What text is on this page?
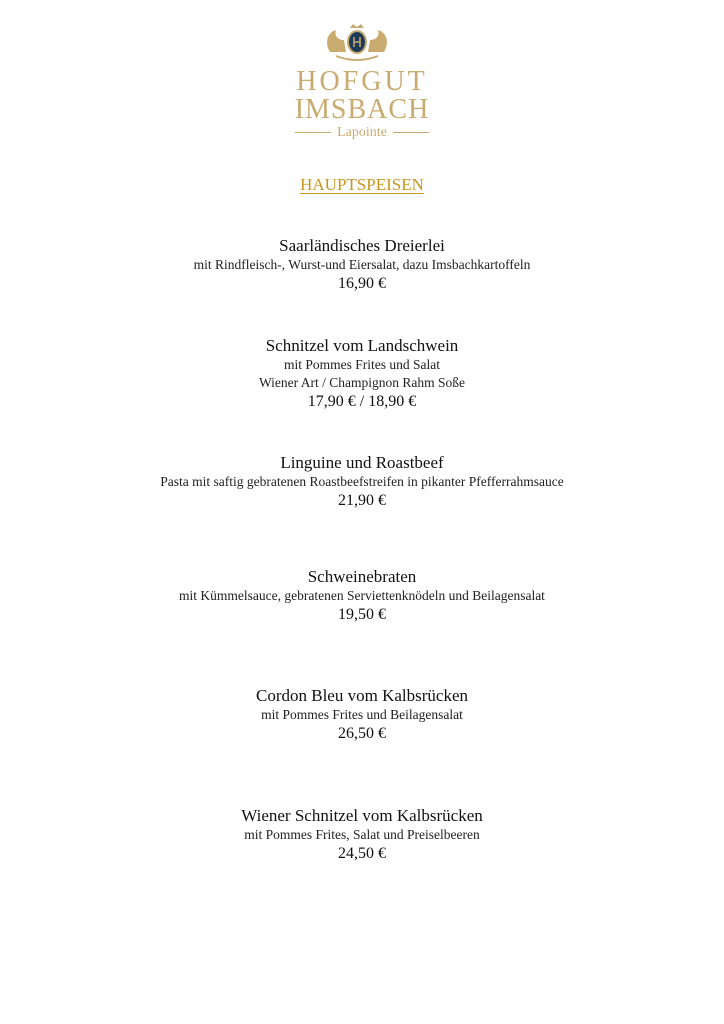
HOFGUT
IMSBACH
Lapointe
HAUPTSPEISEN
Saarländisches Dreierlei
mit Rindfleisch-, Wurst-und Eiersalat, dazu Imsbachkartoffeln
16,90 €
Schnitzel vom Landschwein
mit Pommes Frites und Salat
Wiener Art / Champignon Rahm Soße
17,90 € / 18,90 €
Linguine und Roastbeef
Pasta mit saftig gebratenen Roastbeefstreifen in pikanter Pfefferrahmsauce
21,90 €
Schweinebraten
mit Kümmelsauce, gebratenen Serviettenknödeln und Beilagensalat
19,50 €
Cordon Bleu vom Kalbsrücken
mit Pommes Frites und Beilagensalat
26,50 €
Wiener Schnitzel vom Kalbsrücken
mit Pommes Frites, Salat und Preiselbeeren
24,50 €
